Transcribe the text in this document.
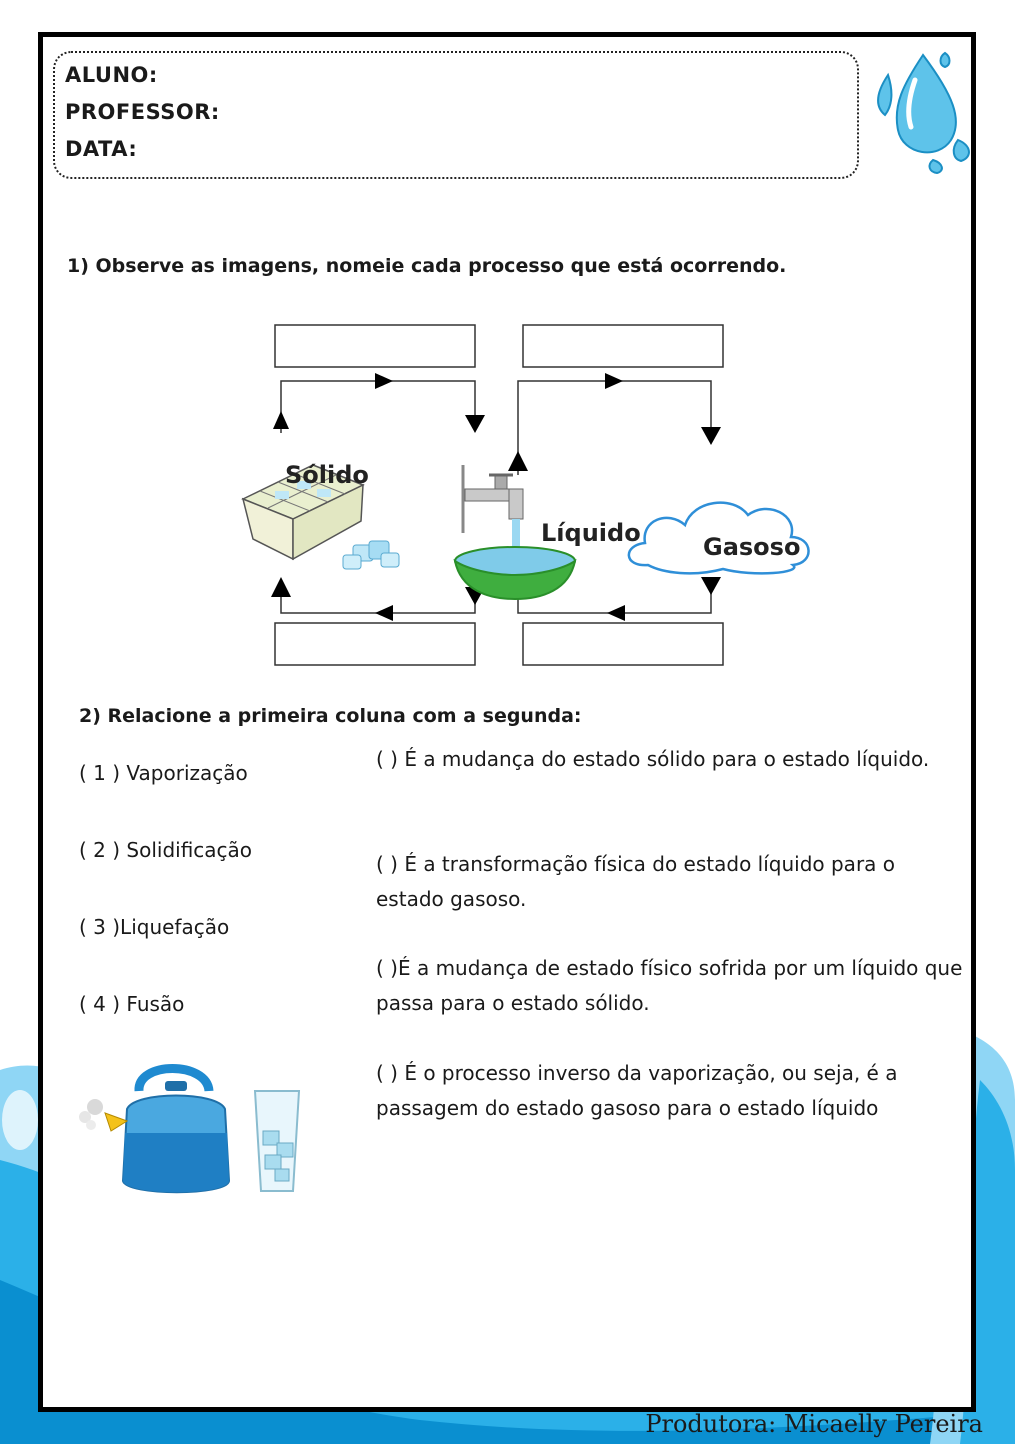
ALUNO:
PROFESSOR:
DATA:
1) Observe as imagens, nomeie cada processo que está ocorrendo.
Sólido
Líquido	Gasoso
2) Relacione a primeira coluna com a segunda:
( 1 ) Vaporização
( 2 ) Solidificação
( 3 )Liquefação
( 4 ) Fusão
( ) É a mudança do estado sólido para o estado líquido.
( ) É a transformação física do estado líquido para o estado gasoso.
( )É a mudança de estado físico sofrida por um líquido que passa para o estado sólido.
( ) É o processo inverso da vaporização, ou seja, é a passagem do estado gasoso para o estado líquido
Produtora: Micaelly Pereira
